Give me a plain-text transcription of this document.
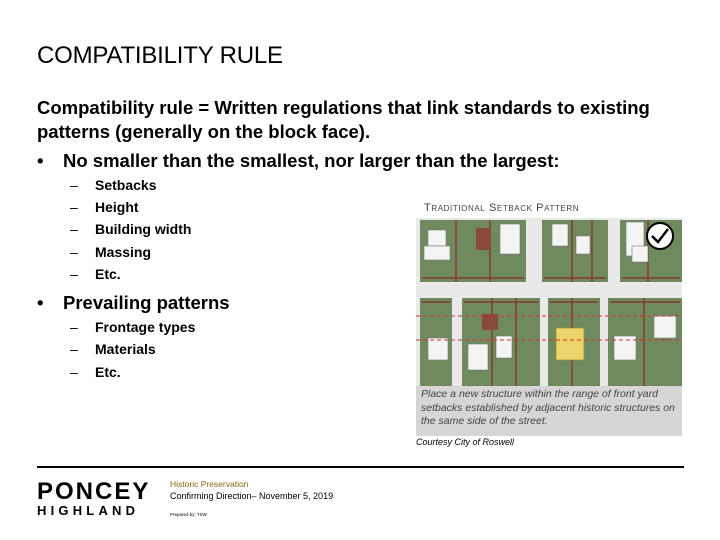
COMPATIBILITY RULE
Compatibility rule = Written regulations that link standards to existing patterns (generally on the block face).
•	No smaller than the smallest, nor larger than the largest:
–	Setbacks
–	Height
–	Building width
–	Massing
–	Etc.
•	Prevailing patterns
–	Frontage types
–	Materials
–	Etc.
Traditional Setback Pattern
Place a new structure within the range of front yard setbacks established by adjacent historic structures on the same side of the street.
Courtesy City of Roswell
PONCEY
HIGHLAND
Historic Preservation
Confirming Direction– November 5, 2019
Prepared by: TSW
